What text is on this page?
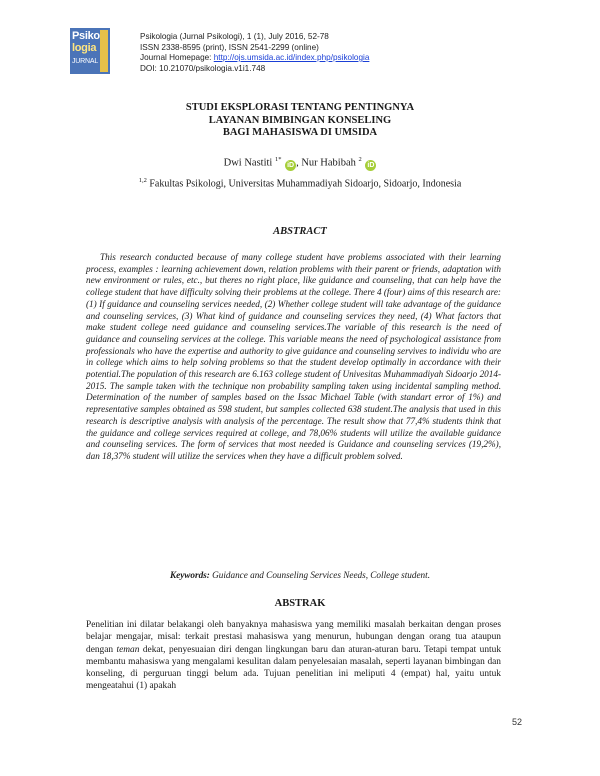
Psiko
logia
JURNAL
Psikologia (Jurnal Psikologi), 1 (1), July 2016, 52-78
ISSN 2338-8595 (print), ISSN 2541-2299 (online)
Journal Homepage: http://ojs.umsida.ac.id/index.php/psikologia
DOI: 10.21070/psikologia.v1i1.748
STUDI EKSPLORASI TENTANG PENTINGNYA
LAYANAN BIMBINGAN KONSELING
BAGI MAHASISWA DI UMSIDA
Dwi Nastiti $^{1*}$ iD , Nur Habibah $^2$ iD
$^{1,2}$ Fakultas Psikologi, Universitas Muhammadiyah Sidoarjo, Sidoarjo, Indonesia
ABSTRACT

This research conducted because of many college student have problems associated with their learning process, examples : learning achievement down, relation problems with their parent or friends, adaptation with new environment or rules, etc., but theres no right place, like guidance and counseling, that can help have the college student that have difficulty solving their problems at the college. There 4 (four) aims of this research are: (1) If guidance and counseling services needed, (2) Whether college student will take advantage of the guidance and counseling services, (3) What kind of guidance and counseling services they need, (4) What factors that make student college need guidance and counseling services.The variable of this research is the need of guidance and counseling services at the college. This variable means the need of psychological assistance from professionals who have the expertise and authority to give guidance and counseling servives to individu who are in college which aims to help solving problems so that the student develop optimally in accordance with their potential.The population of this research are 6.163 college student of Univesitas Muhammadiyah Sidoarjo 2014-2015. The sample taken with the technique non probability sampling taken using incidental sampling method. Determination of the number of samples based on the Issac Michael Table (with standart error of 1%) and representative samples obtained as 598 student, but samples collected 638 student.The analysis that used in this research is descriptive analysis with analysis of the percentage. The result show that 77,4% students think that the guidance and college services required at college, and 78,06% students will utilize the available guidance and counseling services. The form of services that most needed is Guidance and counseling services (19,2%), dan 18,37% student will utilize the services when they have a difficult problem solved.

Keywords: Guidance and Counseling Services Needs, College student.
ABSTRAK

Penelitian ini dilatar belakangi oleh banyaknya mahasiswa yang memiliki masalah berkaitan dengan proses belajar mengajar, misal: terkait prestasi mahasiswa yang menurun, hubungan dengan orang tua ataupun dengan teman dekat, penyesuaian diri dengan lingkungan baru dan aturan-aturan baru. Tetapi tempat untuk membantu mahasiswa yang mengalami kesulitan dalam penyelesaian masalah, seperti layanan bimbingan dan konseling, di perguruan tinggi belum ada. Tujuan penelitian ini meliputi 4 (empat) hal, yaitu untuk mengeatahui (1) apakah

52
